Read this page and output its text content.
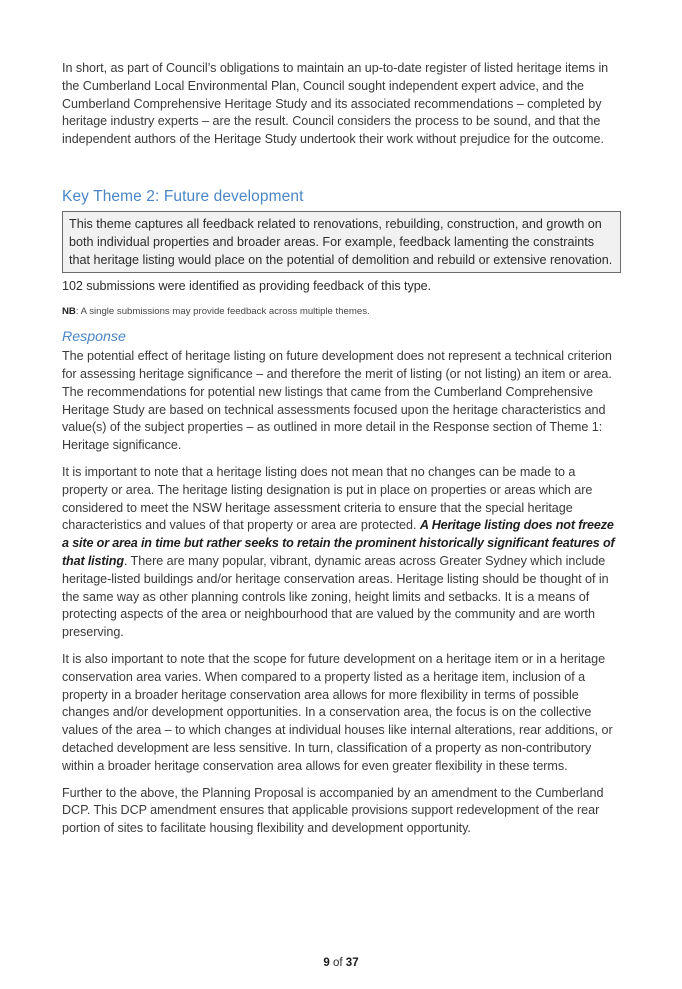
In short, as part of Council’s obligations to maintain an up-to-date register of listed heritage items in the Cumberland Local Environmental Plan, Council sought independent expert advice, and the Cumberland Comprehensive Heritage Study and its associated recommendations – completed by heritage industry experts – are the result. Council considers the process to be sound, and that the independent authors of the Heritage Study undertook their work without prejudice for the outcome.

Key Theme 2: Future development

This theme captures all feedback related to renovations, rebuilding, construction, and growth on both individual properties and broader areas. For example, feedback lamenting the constraints that heritage listing would place on the potential of demolition and rebuild or extensive renovation.

102 submissions were identified as providing feedback of this type.

NB: A single submissions may provide feedback across multiple themes.

Response

The potential effect of heritage listing on future development does not represent a technical criterion for assessing heritage significance – and therefore the merit of listing (or not listing) an item or area. The recommendations for potential new listings that came from the Cumberland Comprehensive Heritage Study are based on technical assessments focused upon the heritage characteristics and value(s) of the subject properties – as outlined in more detail in the Response section of Theme 1: Heritage significance.

It is important to note that a heritage listing does not mean that no changes can be made to a property or area. The heritage listing designation is put in place on properties or areas which are considered to meet the NSW heritage assessment criteria to ensure that the special heritage characteristics and values of that property or area are protected. A Heritage listing does not freeze a site or area in time but rather seeks to retain the prominent historically significant features of that listing. There are many popular, vibrant, dynamic areas across Greater Sydney which include heritage-listed buildings and/or heritage conservation areas. Heritage listing should be thought of in the same way as other planning controls like zoning, height limits and setbacks. It is a means of protecting aspects of the area or neighbourhood that are valued by the community and are worth preserving.

It is also important to note that the scope for future development on a heritage item or in a heritage conservation area varies. When compared to a property listed as a heritage item, inclusion of a property in a broader heritage conservation area allows for more flexibility in terms of possible changes and/or development opportunities. In a conservation area, the focus is on the collective values of the area – to which changes at individual houses like internal alterations, rear additions, or detached development are less sensitive. In turn, classification of a property as non-contributory within a broader heritage conservation area allows for even greater flexibility in these terms.

Further to the above, the Planning Proposal is accompanied by an amendment to the Cumberland DCP. This DCP amendment ensures that applicable provisions support redevelopment of the rear portion of sites to facilitate housing flexibility and development opportunity.

9 of 37
